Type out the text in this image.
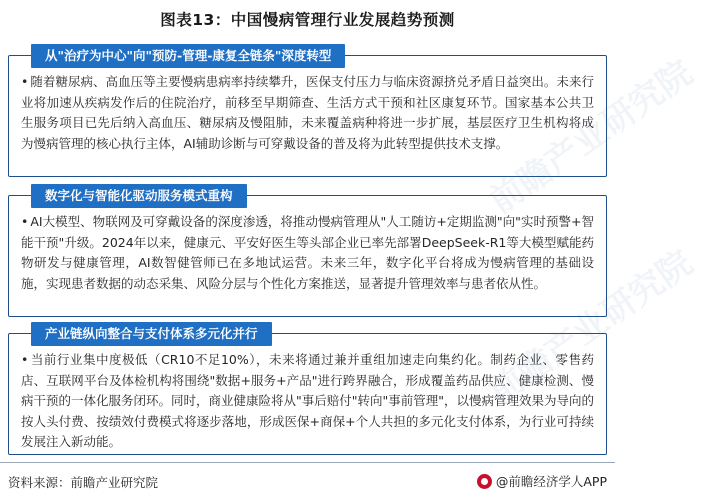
图表13：中国慢病管理行业发展趋势预测
从"治疗为中心"向"预防-管理-康复全链条"深度转型
• 随着糖尿病、高血压等主要慢病患病率持续攀升，医保支付压力与临床资源挤兑矛盾日益突出。未来行业将加速从疾病发作后的住院治疗，前移至早期筛查、生活方式干预和社区康复环节。国家基本公共卫生服务项目已先后纳入高血压、糖尿病及慢阻肺，未来覆盖病种将进一步扩展，基层医疗卫生机构将成为慢病管理的核心执行主体，AI辅助诊断与可穿戴设备的普及将为此转型提供技术支撑。
数字化与智能化驱动服务模式重构
• AI大模型、物联网及可穿戴设备的深度渗透，将推动慢病管理从"人工随访+定期监测"向"实时预警+智能干预"升级。2024年以来，健康元、平安好医生等头部企业已率先部署DeepSeek-R1等大模型赋能药物研发与健康管理，AI数智健管师已在多地试运营。未来三年，数字化平台将成为慢病管理的基础设施，实现患者数据的动态采集、风险分层与个性化方案推送，显著提升管理效率与患者依从性。
产业链纵向整合与支付体系多元化并行
• 当前行业集中度极低（CR10不足10%），未来将通过兼并重组加速走向集约化。制药企业、零售药店、互联网平台及体检机构将围绕"数据+服务+产品"进行跨界融合，形成覆盖药品供应、健康检测、慢病干预的一体化服务闭环。同时，商业健康险将从"事后赔付"转向"事前管理"，以慢病管理效果为导向的按人头付费、按绩效付费模式将逐步落地，形成医保+商保+个人共担的多元化支付体系，为行业可持续发展注入新动能。
前瞻产业研究院
资料来源：前瞻产业研究院	@前瞻经济学人APP
